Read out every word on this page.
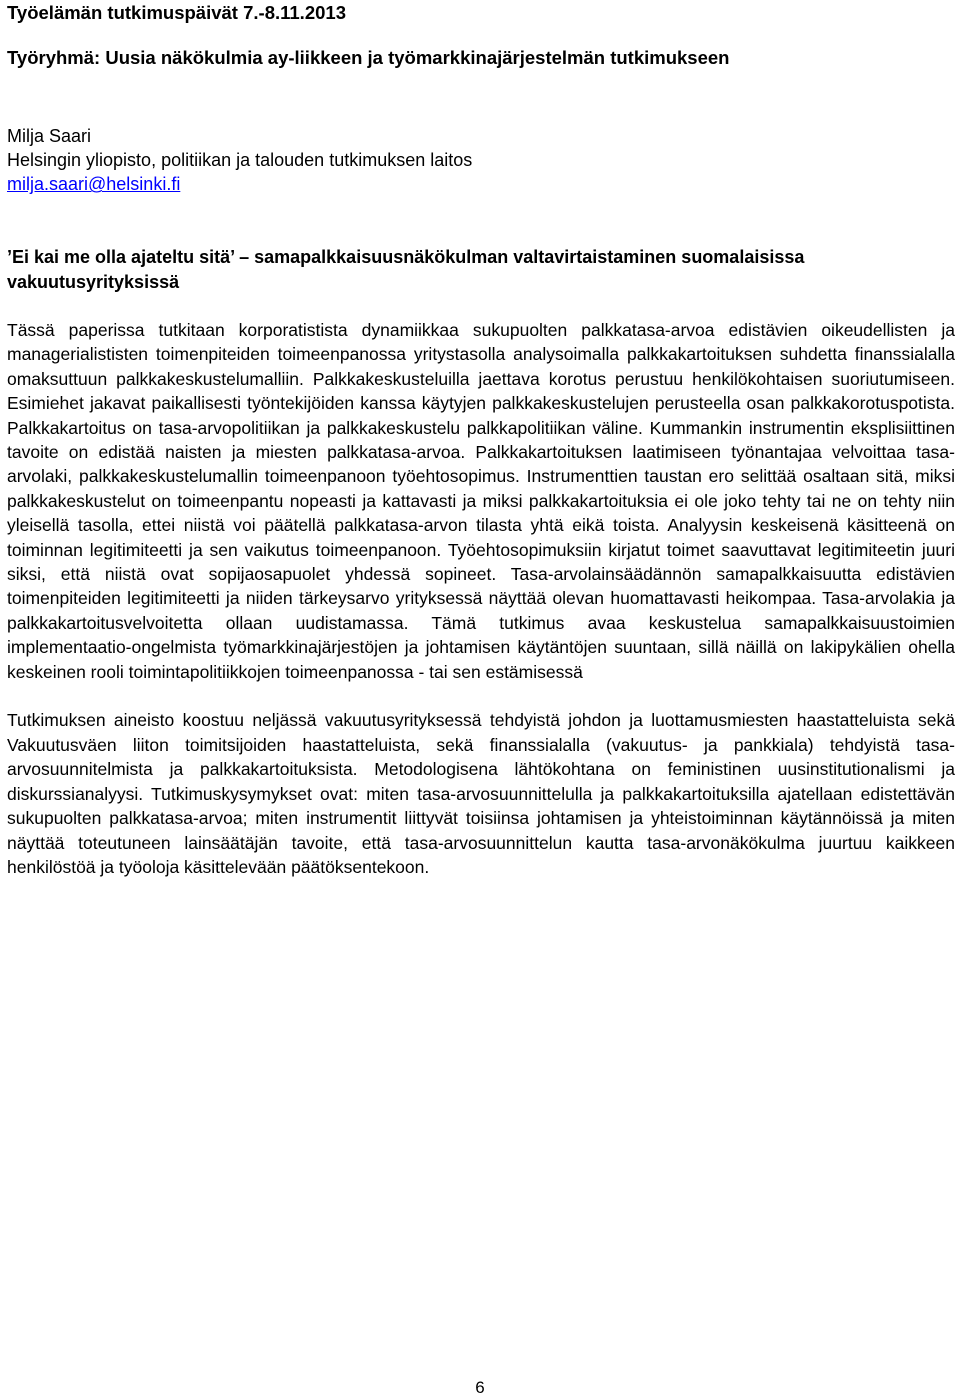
Työelämän tutkimuspäivät 7.-8.11.2013
Työryhmä: Uusia näkökulmia ay-liikkeen ja työmarkkinajärjestelmän tutkimukseen
Milja Saari
Helsingin yliopisto, politiikan ja talouden tutkimuksen laitos
milja.saari@helsinki.fi
’Ei kai me olla ajateltu sitä’ – samapalkkaisuusnäkökulman valtavirtaistaminen suomalaisissa vakuutusyrityksissä

Tässä paperissa tutkitaan korporatistista dynamiikkaa sukupuolten palkkatasa-arvoa edistävien oikeudellisten ja managerialististen toimenpiteiden toimeenpanossa yritystasolla analysoimalla palkkakartoituksen suhdetta finanssialalla omaksuttuun palkkakeskustelumalliin. Palkkakeskusteluilla jaettava korotus perustuu henkilökohtaisen suoriutumiseen. Esimiehet jakavat paikallisesti työntekijöiden kanssa käytyjen palkkakeskustelujen perusteella osan palkkakorotuspotista. Palkkakartoitus on tasa-arvopolitiikan ja palkkakeskustelu palkkapolitiikan väline. Kummankin instrumentin eksplisiittinen tavoite on edistää naisten ja miesten palkkatasa-arvoa. Palkkakartoituksen laatimiseen työnantajaa velvoittaa tasa-arvolaki, palkkakeskustelumallin toimeenpanoon työehtosopimus. Instrumenttien taustan ero selittää osaltaan sitä, miksi palkkakeskustelut on toimeenpantu nopeasti ja kattavasti ja miksi palkkakartoituksia ei ole joko tehty tai ne on tehty niin yleisellä tasolla, ettei niistä voi päätellä palkkatasa-arvon tilasta yhtä eikä toista. Analyysin keskeisenä käsitteenä on toiminnan legitimiteetti ja sen vaikutus toimeenpanoon. Työehtosopimuksiin kirjatut toimet saavuttavat legitimiteetin juuri siksi, että niistä ovat sopijaosapuolet yhdessä sopineet. Tasa-arvolainsäädännön samapalkkaisuutta edistävien toimenpiteiden legitimiteetti ja niiden tärkeysarvo yrityksessä näyttää olevan huomattavasti heikompaa. Tasa-arvolakia ja palkkakartoitusvelvoitetta ollaan uudistamassa. Tämä tutkimus avaa keskustelua samapalkkaisuustoimien implementaatio-ongelmista työmarkkinajärjestöjen ja johtamisen käytäntöjen suuntaan, sillä näillä on lakipykälien ohella keskeinen rooli toimintapolitiikkojen toimeenpanossa - tai sen estämisessä

Tutkimuksen aineisto koostuu neljässä vakuutusyrityksessä tehdyistä johdon ja luottamusmiesten haastatteluista sekä Vakuutusväen liiton toimitsijoiden haastatteluista, sekä finanssialalla (vakuutus- ja pankkiala) tehdyistä tasa-arvosuunnitelmista ja palkkakartoituksista. Metodologisena lähtökohtana on feministinen uusinstitutionalismi ja diskurssianalyysi. Tutkimuskysymykset ovat: miten tasa-arvosuunnittelulla ja palkkakartoituksilla ajatellaan edistettävän sukupuolten palkkatasa-arvoa; miten instrumentit liittyvät toisiinsa johtamisen ja yhteistoiminnan käytännöissä ja miten näyttää toteutuneen lainsäätäjän tavoite, että tasa-arvosuunnittelun kautta tasa-arvonäkökulma juurtuu kaikkeen henkilöstöä ja työoloja käsittelevään päätöksentekoon.

6
